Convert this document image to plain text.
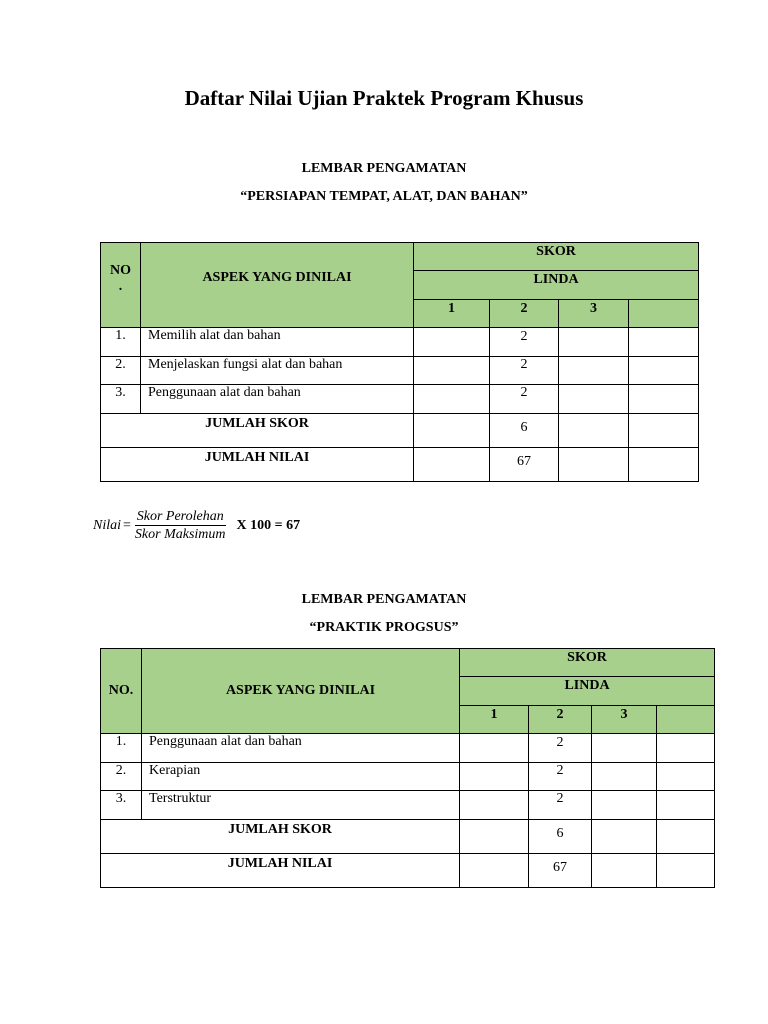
Daftar Nilai Ujian Praktek Program Khusus
LEMBAR PENGAMATAN
“PERSIAPAN TEMPAT, ALAT, DAN BAHAN”
NO
.	ASPEK YANG DINILAI	SKOR			
		LINDA			
		1	2	3	
1.	Memilih alat dan bahan		2		
2.	Menjelaskan fungsi alat dan bahan		2		
3.	Penggunaan alat dan bahan		2		
JUMLAH SKOR			6		
JUMLAH NILAI			67		
Nilai = $\frac{\text{Skor Perolehan}}{\text{Skor Maksimum}}$ X 100 = 67
LEMBAR PENGAMATAN
“PRAKTIK PROGSUS”
NO.	ASPEK YANG DINILAI	SKOR			
		LINDA			
		1	2	3	
1.	Penggunaan alat dan bahan		2		
2.	Kerapian		2		
3.	Terstruktur		2		
JUMLAH SKOR			6		
JUMLAH NILAI			67		
